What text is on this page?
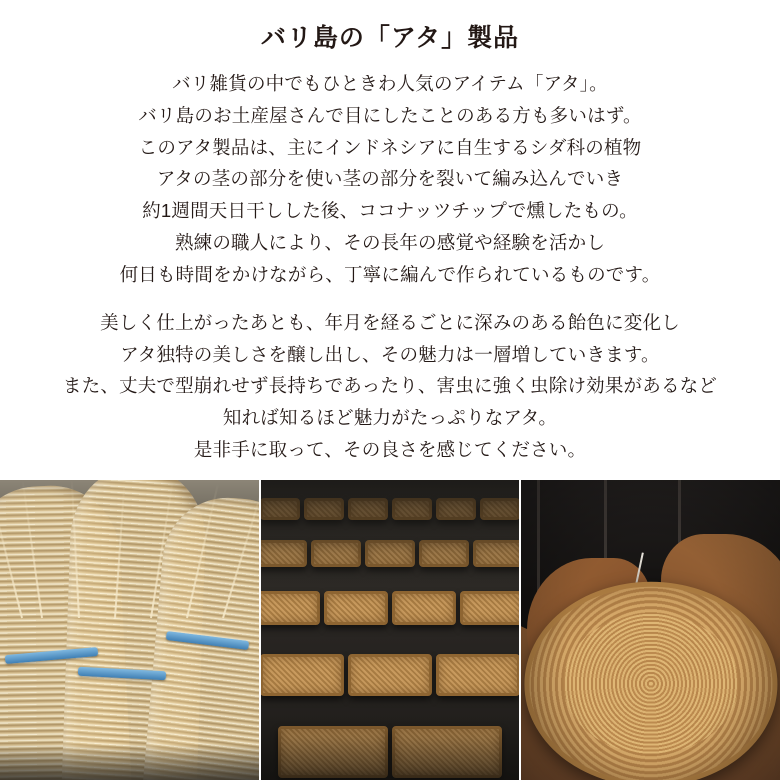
バリ島の「アタ」製品
バリ雑貨の中でもひときわ人気のアイテム「アタ」。
バリ島のお土産屋さんで目にしたことのある方も多いはず。
このアタ製品は、主にインドネシアに自生するシダ科の植物
アタの茎の部分を使い茎の部分を裂いて編み込んでいき
約1週間天日干しした後、ココナッツチップで燻したもの。
熟練の職人により、その長年の感覚や経験を活かし
何日も時間をかけながら、丁寧に編んで作られているものです。
美しく仕上がったあとも、年月を経るごとに深みのある飴色に変化し
アタ独特の美しさを醸し出し、その魅力は一層増していきます。
また、丈夫で型崩れせず長持ちであったり、害虫に強く虫除け効果があるなど
知れば知るほど魅力がたっぷりなアタ。
是非手に取って、その良さを感じてください。
